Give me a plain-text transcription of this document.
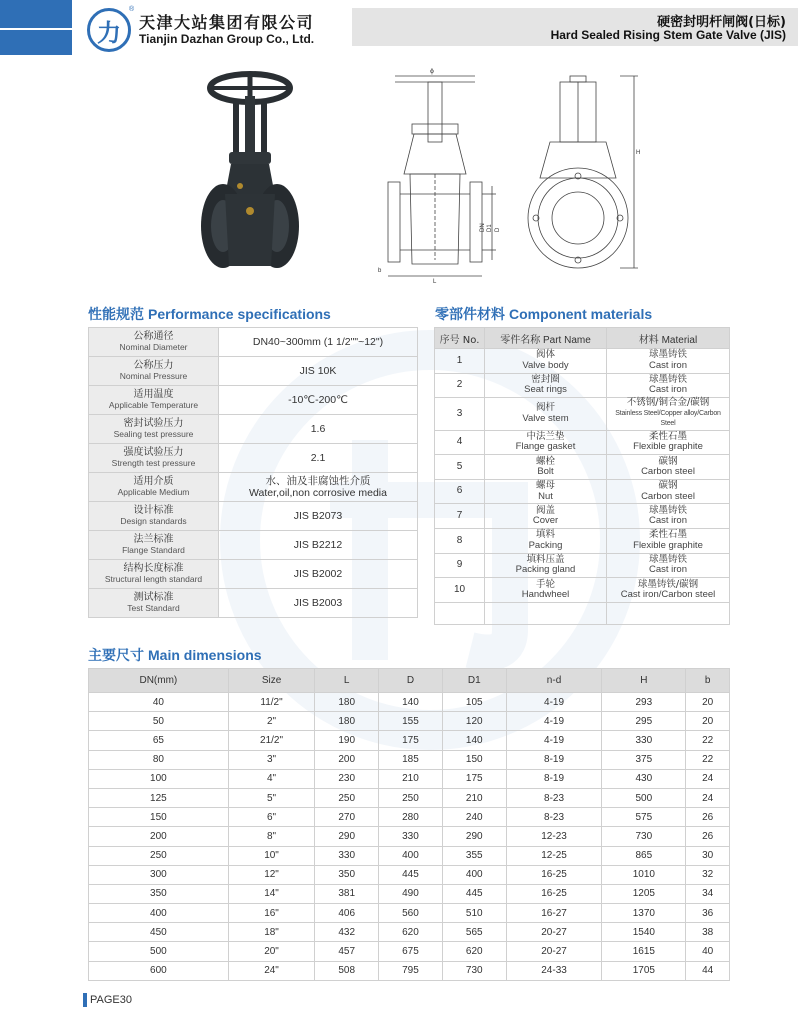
力
®
天津大站集团有限公司
Tianjin Dazhan Group Co., Ltd.
硬密封明杆闸阀(日标)
Hard Sealed Rising Stem Gate Valve (JIS)
ϕ
L
b
DN D1 D
H
性能规范 Performance specifications
公称通径
Nominal Diameter	DN40~300mm (1 1/2""~12")

公称压力
Nominal Pressure	JIS 10K

适用温度
Applicable Temperature	-10℃-200℃

密封试验压力
Sealing test pressure	1.6

强度试验压力
Strength test pressure	2.1

适用介质
Applicable Medium	水、油及非腐蚀性介质
Water,oil,non corrosive media

设计标准
Design standards	JIS B2073

法兰标准
Flange Standard	JIS B2212

结构长度标准
Structural length standard	JIS B2002

测试标准
Test Standard	JIS B2003
零部件材料 Component materials
序号 No.	零件名称 Part Name	材料 Material
1	阀体
Valve body	球墨铸铁
Cast iron

2	密封圈
Seat rings	球墨铸铁
Cast iron

3	阀杆
Valve stem	不锈钢/铜合金/碳钢
Stainless Steel/Copper alloy/Carbon Steel

4	中法兰垫
Flange gasket	柔性石墨
Flexible graphite

5	螺栓
Bolt	碳钢
Carbon steel

6	螺母
Nut	碳钢
Carbon steel

7	阀盖
Cover	球墨铸铁
Cast iron

8	填料
Packing	柔性石墨
Flexible graphite

9	填料压盖
Packing gland	球墨铸铁
Cast iron

10	手轮
Handwheel	球墨铸铁/碳钢
Cast iron/Carbon steel

主要尺寸 Main dimensions
DN(mm)	Size	L	D	D1	n-d	H	b
40	11/2"	180	140	105	4-19	293	20
50	2"	180	155	120	4-19	295	20
65	21/2"	190	175	140	4-19	330	22
80	3"	200	185	150	8-19	375	22
100	4"	230	210	175	8-19	430	24
125	5"	250	250	210	8-23	500	24
150	6"	270	280	240	8-23	575	26
200	8"	290	330	290	12-23	730	26
250	10"	330	400	355	12-25	865	30
300	12"	350	445	400	16-25	1010	32
350	14"	381	490	445	16-25	1205	34
400	16"	406	560	510	16-27	1370	36
450	18"	432	620	565	20-27	1540	38
500	20"	457	675	620	20-27	1615	40
600	24"	508	795	730	24-33	1705	44
PAGE30
